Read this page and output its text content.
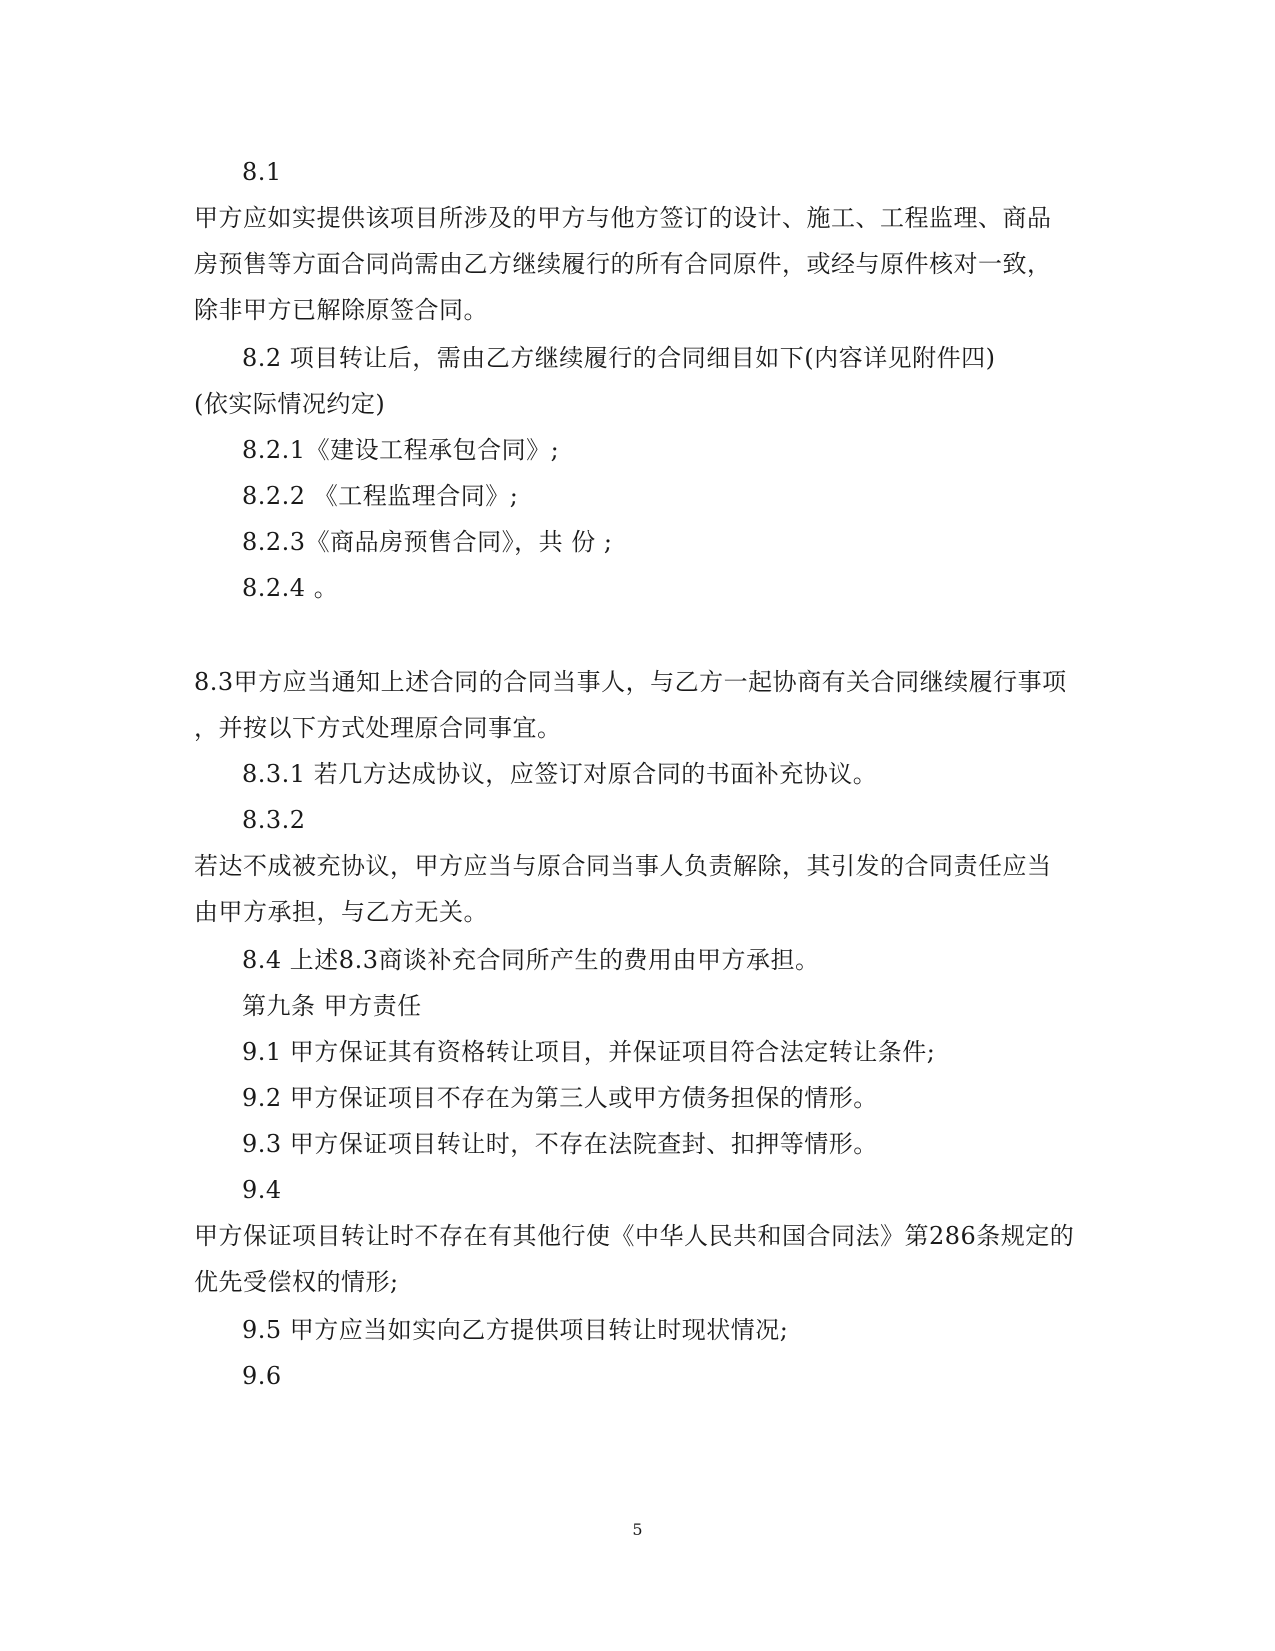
8.1
甲方应如实提供该项目所涉及的甲方与他方签订的设计、施工、工程监理、商品
房预售等方面合同尚需由乙方继续履行的所有合同原件，或经与原件核对一致，
除非甲方已解除原签合同。
8.2 项目转让后，需由乙方继续履行的合同细目如下(内容详见附件四)
(依实际情况约定)
8.2.1《建设工程承包合同》;
8.2.2 《工程监理合同》;
8.2.3《商品房预售合同》，共 份 ;
8.2.4 。
8.3甲方应当通知上述合同的合同当事人，与乙方一起协商有关合同继续履行事项
，并按以下方式处理原合同事宜。
8.3.1 若几方达成协议，应签订对原合同的书面补充协议。
8.3.2
若达不成被充协议，甲方应当与原合同当事人负责解除，其引发的合同责任应当
由甲方承担，与乙方无关。
8.4 上述8.3商谈补充合同所产生的费用由甲方承担。
第九条 甲方责任
9.1 甲方保证其有资格转让项目，并保证项目符合法定转让条件;
9.2 甲方保证项目不存在为第三人或甲方债务担保的情形。
9.3 甲方保证项目转让时，不存在法院查封、扣押等情形。
9.4
甲方保证项目转让时不存在有其他行使《中华人民共和国合同法》第286条规定的
优先受偿权的情形;
9.5 甲方应当如实向乙方提供项目转让时现状情况;
9.6
5
